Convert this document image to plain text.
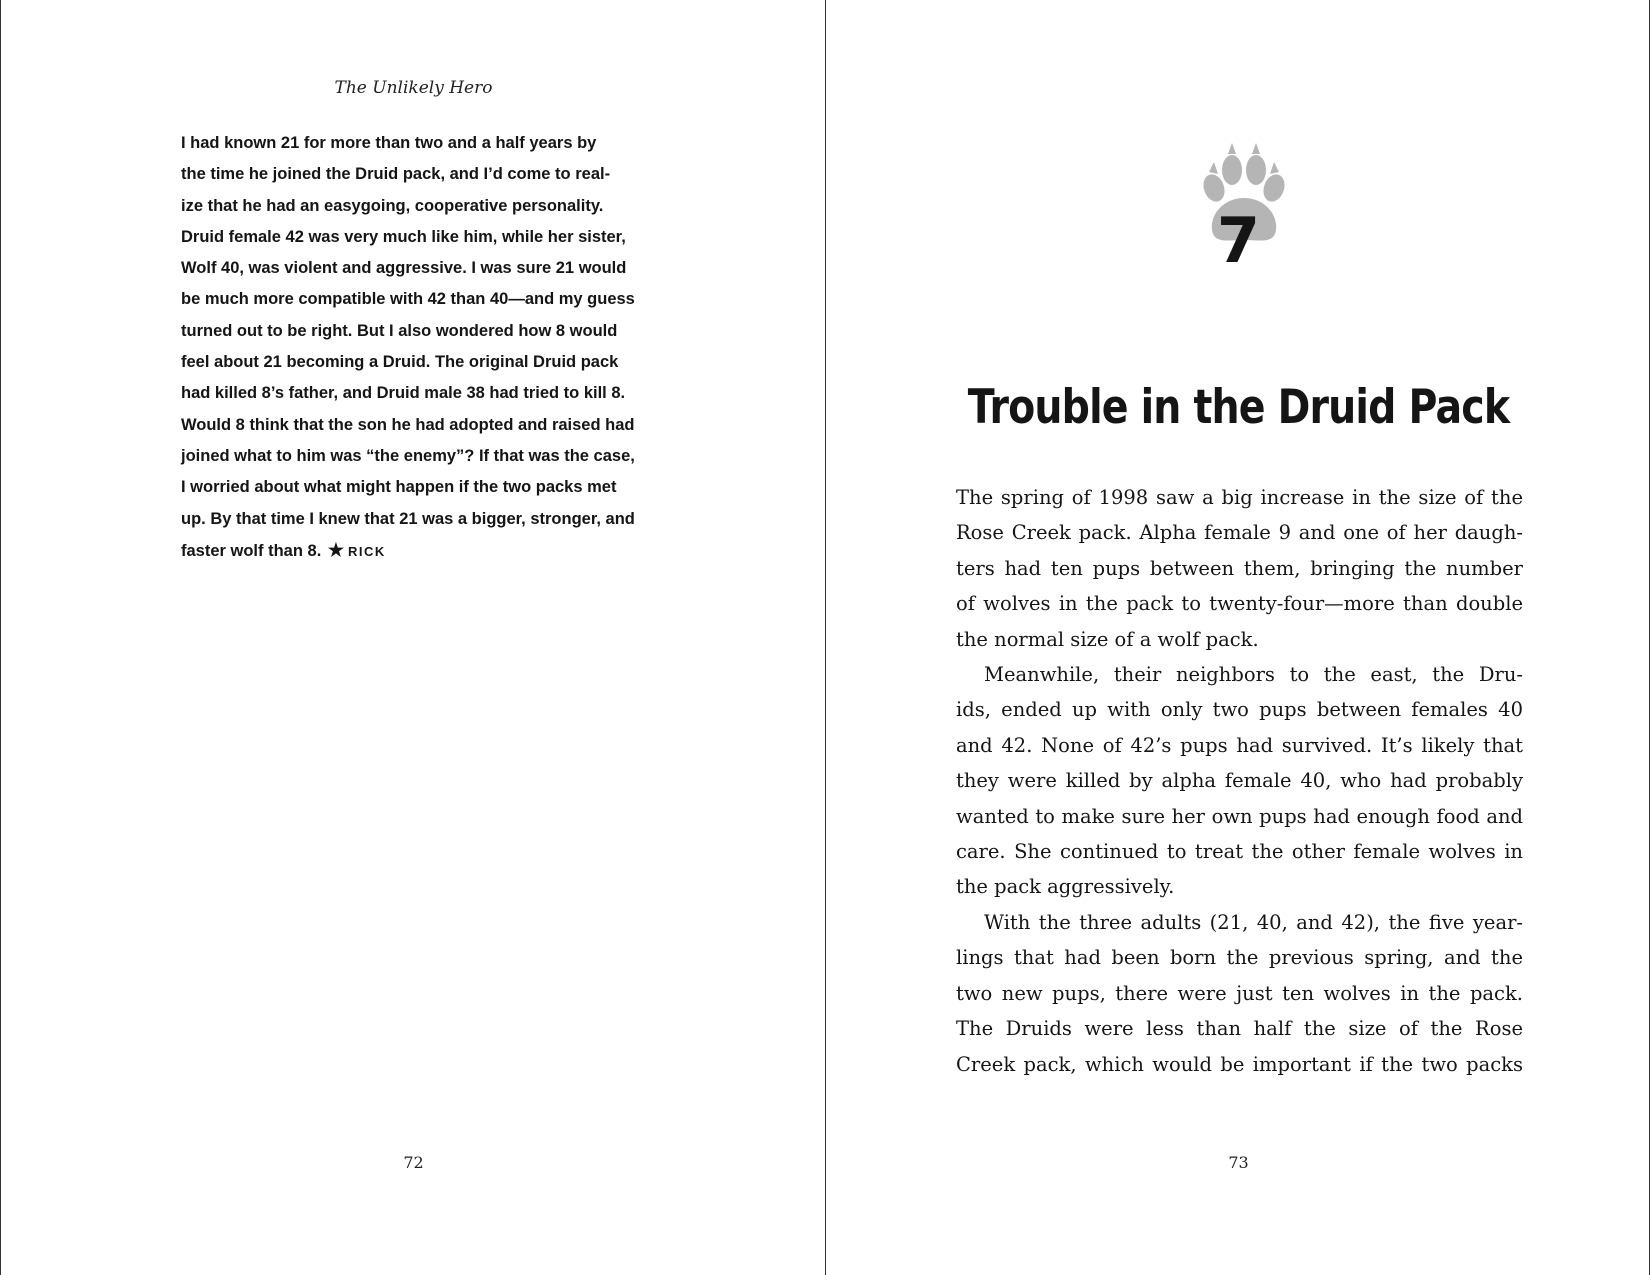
The Unlikely Hero
I had known 21 for more than two and a half years by
the time he joined the Druid pack, and I’d come to real-
ize that he had an easygoing, cooperative personality.
Druid female 42 was very much like him, while her sister,
Wolf 40, was violent and aggressive. I was sure 21 would
be much more compatible with 42 than 40—and my guess
turned out to be right. But I also wondered how 8 would
feel about 21 becoming a Druid. The original Druid pack
had killed 8’s father, and Druid male 38 had tried to kill 8.
Would 8 think that the son he had adopted and raised had
joined what to him was “the enemy”? If that was the case,
I worried about what might happen if the two packs met
up. By that time I knew that 21 was a bigger, stronger, and
faster wolf than 8. ★ RICK
72
7
Trouble in the Druid Pack
The spring of 1998 saw a big increase in the size of the
Rose Creek pack. Alpha female 9 and one of her daugh-
ters had ten pups between them, bringing the number
of wolves in the pack to twenty-four—more than double
the normal size of a wolf pack.
Meanwhile, their neighbors to the east, the Dru-
ids, ended up with only two pups between females 40
and 42. None of 42’s pups had survived. It’s likely that
they were killed by alpha female 40, who had probably
wanted to make sure her own pups had enough food and
care. She continued to treat the other female wolves in
the pack aggressively.
With the three adults (21, 40, and 42), the five year-
lings that had been born the previous spring, and the
two new pups, there were just ten wolves in the pack.
The Druids were less than half the size of the Rose
Creek pack, which would be important if the two packs
73
